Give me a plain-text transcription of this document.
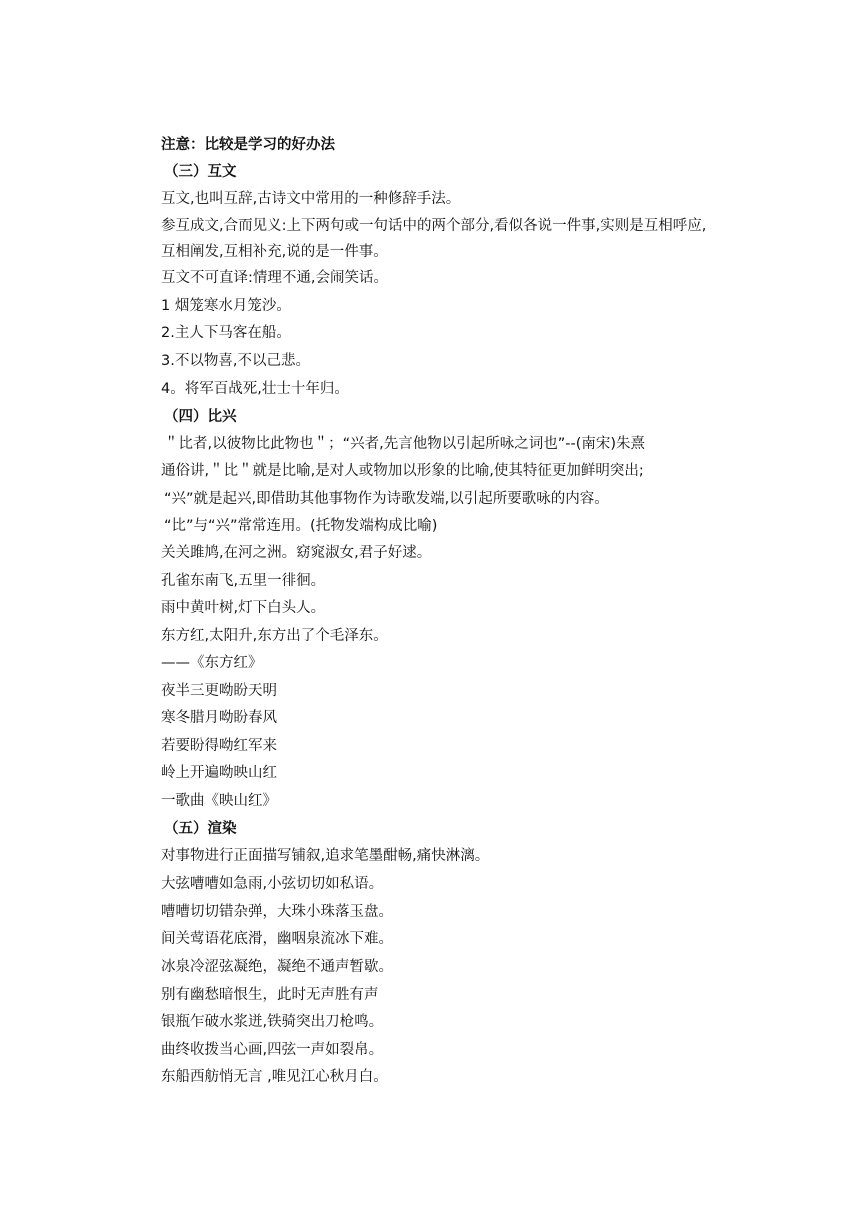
注意：比较是学习的好办法
（三）互文
互文,也叫互辞,古诗文中常用的一种修辞手法。
参互成文,合而见义:上下两句或一句话中的两个部分,看似各说一件事,实则是互相呼应,
互相阐发,互相补充,说的是一件事。
互文不可直译:情理不通,会闹笑话。
1 烟笼寒水月笼沙。
2.主人下马客在船。
3.不以物喜,不以己悲。
4。将军百战死,壮士十年归。
（四）比兴
＂比者,以彼物比此物也＂；“兴者,先言他物以引起所咏之词也”--(南宋)朱熹
通俗讲,＂比＂就是比喻,是对人或物加以形象的比喻,使其特征更加鲜明突出;
“兴”就是起兴,即借助其他事物作为诗歌发端,以引起所要歌咏的内容。
“比”与“兴”常常连用。(托物发端构成比喻)
关关雎鸠,在河之洲。窈窕淑女,君子好逑。
孔雀东南飞,五里一徘徊。
雨中黄叶树,灯下白头人。
东方红,太阳升,东方出了个毛泽东。
——《东方红》
夜半三更呦盼天明
寒冬腊月呦盼春风
若要盼得呦红军来
岭上开遍呦映山红
一歌曲《映山红》
（五）渲染
对事物进行正面描写铺叙,追求笔墨酣畅,痛快淋漓。
大弦嘈嘈如急雨,小弦切切如私语。
嘈嘈切切错杂弹，大珠小珠落玉盘。
间关莺语花底滑，幽咽泉流冰下难。
冰泉冷涩弦凝绝，凝绝不通声暂歇。
别有幽愁暗恨生，此时无声胜有声
银瓶乍破水浆迸,铁骑突出刀枪鸣。
曲终收拨当心画,四弦一声如裂帛。
东船西舫悄无言 ,唯见江心秋月白。
